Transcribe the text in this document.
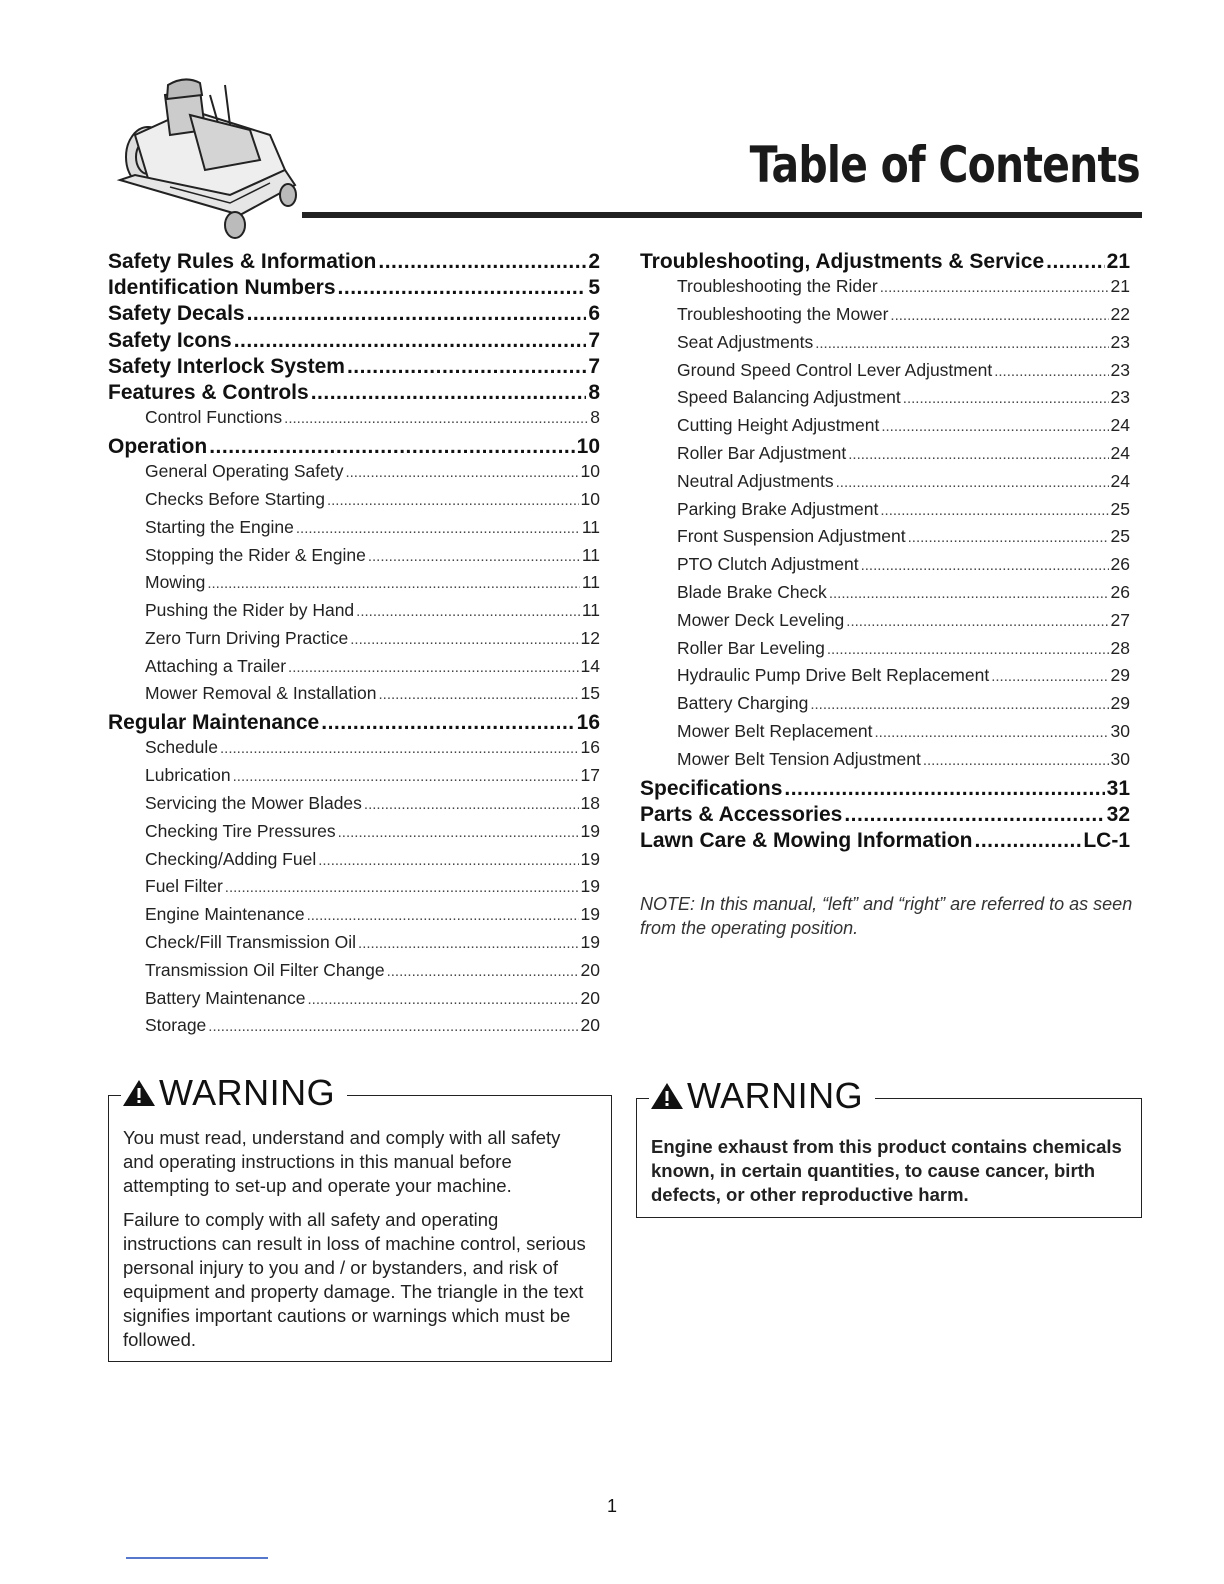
Table of Contents
Safety Rules & Information .....	2
Identification Numbers .....	5
Safety Decals .....	6
Safety Icons .....	7
Safety Interlock System .....	7
Features & Controls .....	8
Control Functions .....	8
Operation .....	10
General Operating Safety .....	10
Checks Before Starting .....	10
Starting the Engine .....	11
Stopping the Rider & Engine .....	11
Mowing .....	11
Pushing the Rider by Hand .....	11
Zero Turn Driving Practice .....	12
Attaching a Trailer .....	14
Mower Removal & Installation .....	15
Regular Maintenance .....	16
Schedule .....	16
Lubrication .....	17
Servicing the Mower Blades .....	18
Checking Tire Pressures .....	19
Checking/Adding Fuel .....	19
Fuel Filter .....	19
Engine Maintenance .....	19
Check/Fill Transmission Oil .....	19
Transmission Oil Filter Change .....	20
Battery Maintenance .....	20
Storage .....	20
Troubleshooting, Adjustments & Service .....	21
Troubleshooting the Rider .....	21
Troubleshooting the Mower .....	22
Seat Adjustments .....	23
Ground Speed Control Lever Adjustment .....	23
Speed Balancing Adjustment .....	23
Cutting Height Adjustment .....	24
Roller Bar Adjustment .....	24
Neutral Adjustments .....	24
Parking Brake Adjustment .....	25
Front Suspension Adjustment .....	25
PTO Clutch Adjustment .....	26
Blade Brake Check .....	26
Mower Deck Leveling .....	27
Roller Bar Leveling .....	28
Hydraulic Pump Drive Belt Replacement .....	29
Battery Charging .....	29
Mower Belt Replacement .....	30
Mower Belt Tension Adjustment .....	30
Specifications .....	31
Parts & Accessories .....	32
Lawn Care & Mowing Information .....	LC-1
NOTE: In this manual, “left” and “right” are referred to as seen from the operating position.
WARNING

You must read, understand and comply with all safety and operating instructions in this manual before attempting to set-up and operate your machine.

Failure to comply with all safety and operating instructions can result in loss of machine control, serious personal injury to you and / or bystanders, and risk of equipment and property damage. The triangle in the text signifies important cautions or warnings which must be followed.

WARNING
Engine exhaust from this product contains chemicals known, in certain quantities, to cause cancer, birth defects, or other reproductive harm.
1
